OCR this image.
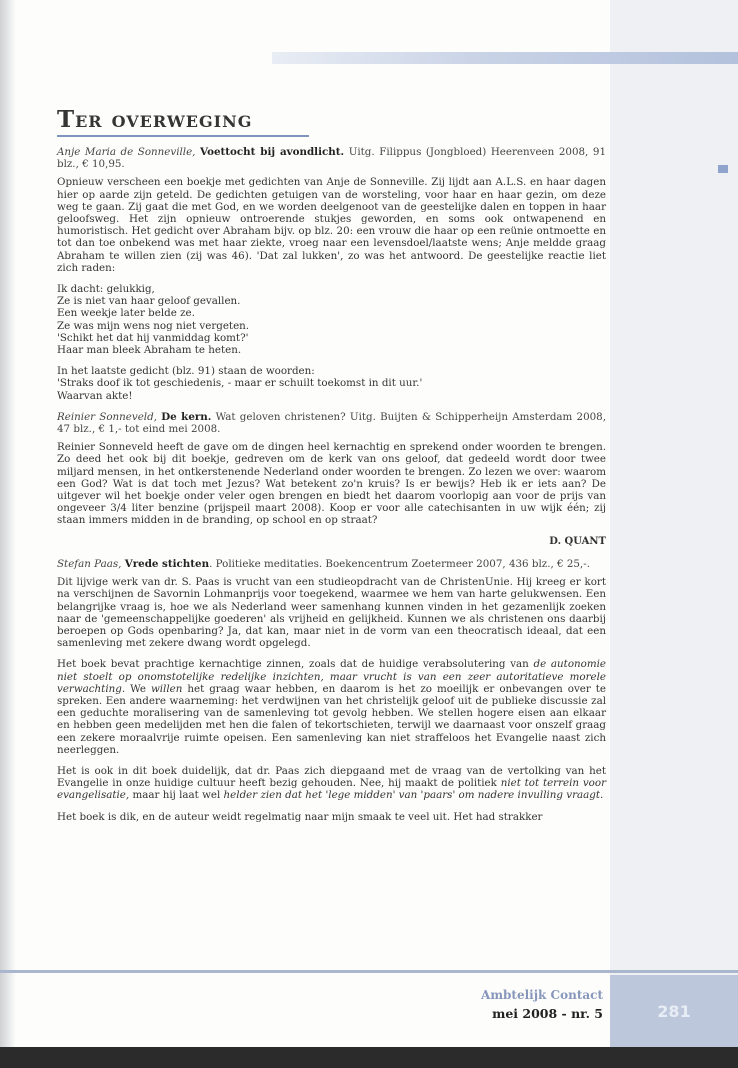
Ter overweging

Anje Maria de Sonneville, Voettocht bij avondlicht. Uitg. Filippus (Jongbloed) Heerenveen 2008, 91 blz., € 10,95.

Opnieuw verscheen een boekje met gedichten van Anje de Sonneville. Zij lijdt aan A.L.S. en haar dagen hier op aarde zijn geteld. De gedichten getuigen van de worsteling, voor haar en haar gezin, om deze weg te gaan. Zij gaat die met God, en we worden deelgenoot van de geestelijke dalen en toppen in haar geloofsweg. Het zijn opnieuw ontroerende stukjes geworden, en soms ook ontwapenend en humoristisch. Het gedicht over Abraham bijv. op blz. 20: een vrouw die haar op een reünie ontmoette en tot dan toe onbekend was met haar ziekte, vroeg naar een levensdoel/laatste wens; Anje meldde graag Abraham te willen zien (zij was 46). 'Dat zal lukken', zo was het antwoord. De geestelijke reactie liet zich raden:

Ik dacht: gelukkig,
Ze is niet van haar geloof gevallen.
Een weekje later belde ze.
Ze was mijn wens nog niet vergeten.
'Schikt het dat hij vanmiddag komt?'
Haar man bleek Abraham te heten.
In het laatste gedicht (blz. 91) staan de woorden:
'Straks doof ik tot geschiedenis, - maar er schuilt toekomst in dit uur.'
Waarvan akte!

Reinier Sonneveld, De kern. Wat geloven christenen? Uitg. Buijten & Schipperheijn Amsterdam 2008, 47 blz., € 1,- tot eind mei 2008.

Reinier Sonneveld heeft de gave om de dingen heel kernachtig en sprekend onder woorden te brengen. Zo deed het ook bij dit boekje, gedreven om de kerk van ons geloof, dat gedeeld wordt door twee miljard mensen, in het ontkerstenende Nederland onder woorden te brengen. Zo lezen we over: waarom een God? Wat is dat toch met Jezus? Wat betekent zo'n kruis? Is er bewijs? Heb ik er iets aan? De uitgever wil het boekje onder veler ogen brengen en biedt het daarom voorlopig aan voor de prijs van ongeveer 3/4 liter benzine (prijspeil maart 2008). Koop er voor alle catechisanten in uw wijk één; zij staan immers midden in de branding, op school en op straat?

D. QUANT

Stefan Paas, Vrede stichten. Politieke meditaties. Boekencentrum Zoetermeer 2007, 436 blz., € 25,-.

Dit lijvige werk van dr. S. Paas is vrucht van een studieopdracht van de ChristenUnie. Hij kreeg er kort na verschijnen de Savornin Lohmanprijs voor toegekend, waarmee we hem van harte gelukwensen. Een belangrijke vraag is, hoe we als Nederland weer samenhang kunnen vinden in het gezamenlijk zoeken naar de 'gemeenschappelijke goederen' als vrijheid en gelijkheid. Kunnen we als christenen ons daarbij beroepen op Gods openbaring? Ja, dat kan, maar niet in de vorm van een theocratisch ideaal, dat een samenleving met zekere dwang wordt opgelegd.

Het boek bevat prachtige kernachtige zinnen, zoals dat de huidige verabsolutering van de autonomie niet stoelt op onomstotelijke redelijke inzichten, maar vrucht is van een zeer autoritatieve morele verwachting. We willen het graag waar hebben, en daarom is het zo moeilijk er onbevangen over te spreken. Een andere waarneming: het verdwijnen van het christelijk geloof uit de publieke discussie zal een geduchte moralisering van de samenleving tot gevolg hebben. We stellen hogere eisen aan elkaar en hebben geen medelijden met hen die falen of tekortschieten, terwijl we daarnaast voor onszelf graag een zekere moraalvrije ruimte opeisen. Een samenleving kan niet straffeloos het Evangelie naast zich neerleggen.

Het is ook in dit boek duidelijk, dat dr. Paas zich diepgaand met de vraag van de vertolking van het Evangelie in onze huidige cultuur heeft bezig gehouden. Nee, hij maakt de politiek niet tot terrein voor evangelisatie, maar hij laat wel helder zien dat het 'lege midden' van 'paars' om nadere invulling vraagt.

Het boek is dik, en de auteur weidt regelmatig naar mijn smaak te veel uit. Het had strakker

Ambtelijk Contact
mei 2008 - nr. 5	281
